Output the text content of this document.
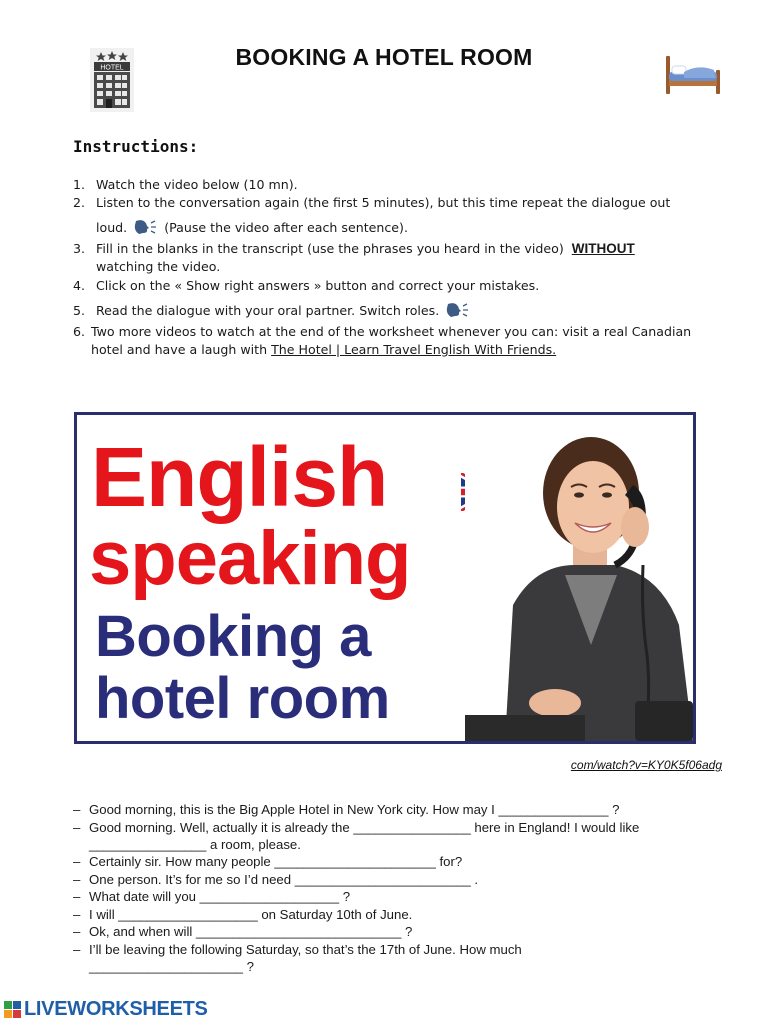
HOTEL	BOOKING A HOTEL ROOM
Instructions:
1. Watch the video below (10 mn).
2. Listen to the conversation again (the first 5 minutes), but this time repeat the dialogue out
loud.	(Pause the video after each sentence).
3. Fill in the blanks in the transcript (use the phrases you heard in the video) WITHOUT
watching the video.
4. Click on the « Show right answers » button and correct your mistakes.
5. Read the dialogue with your oral partner. Switch roles.
6. Two more videos to watch at the end of the worksheet whenever you can: visit a real Canadian
hotel and have a laugh with The Hotel | Learn Travel English With Friends.
English
speaking
Booking a
hotel room
com/watch?v=KY0K5f06adg
– Good morning, this is the Big Apple Hotel in New York city. How may I _______________ ?
– Good morning. Well, actually it is already the ________________ here in England! I would like
________________ a room, please.
– Certainly sir. How many people ______________________ for?
– One person. It’s for me so I’d need ________________________ .
– What date will you ___________________ ?
– I will ___________________ on Saturday 10th of June.
– Ok, and when will ____________________________ ?
– I’ll be leaving the following Saturday, so that’s the 17th of June. How much
_____________________ ?
LIVEWORKSHEETS
